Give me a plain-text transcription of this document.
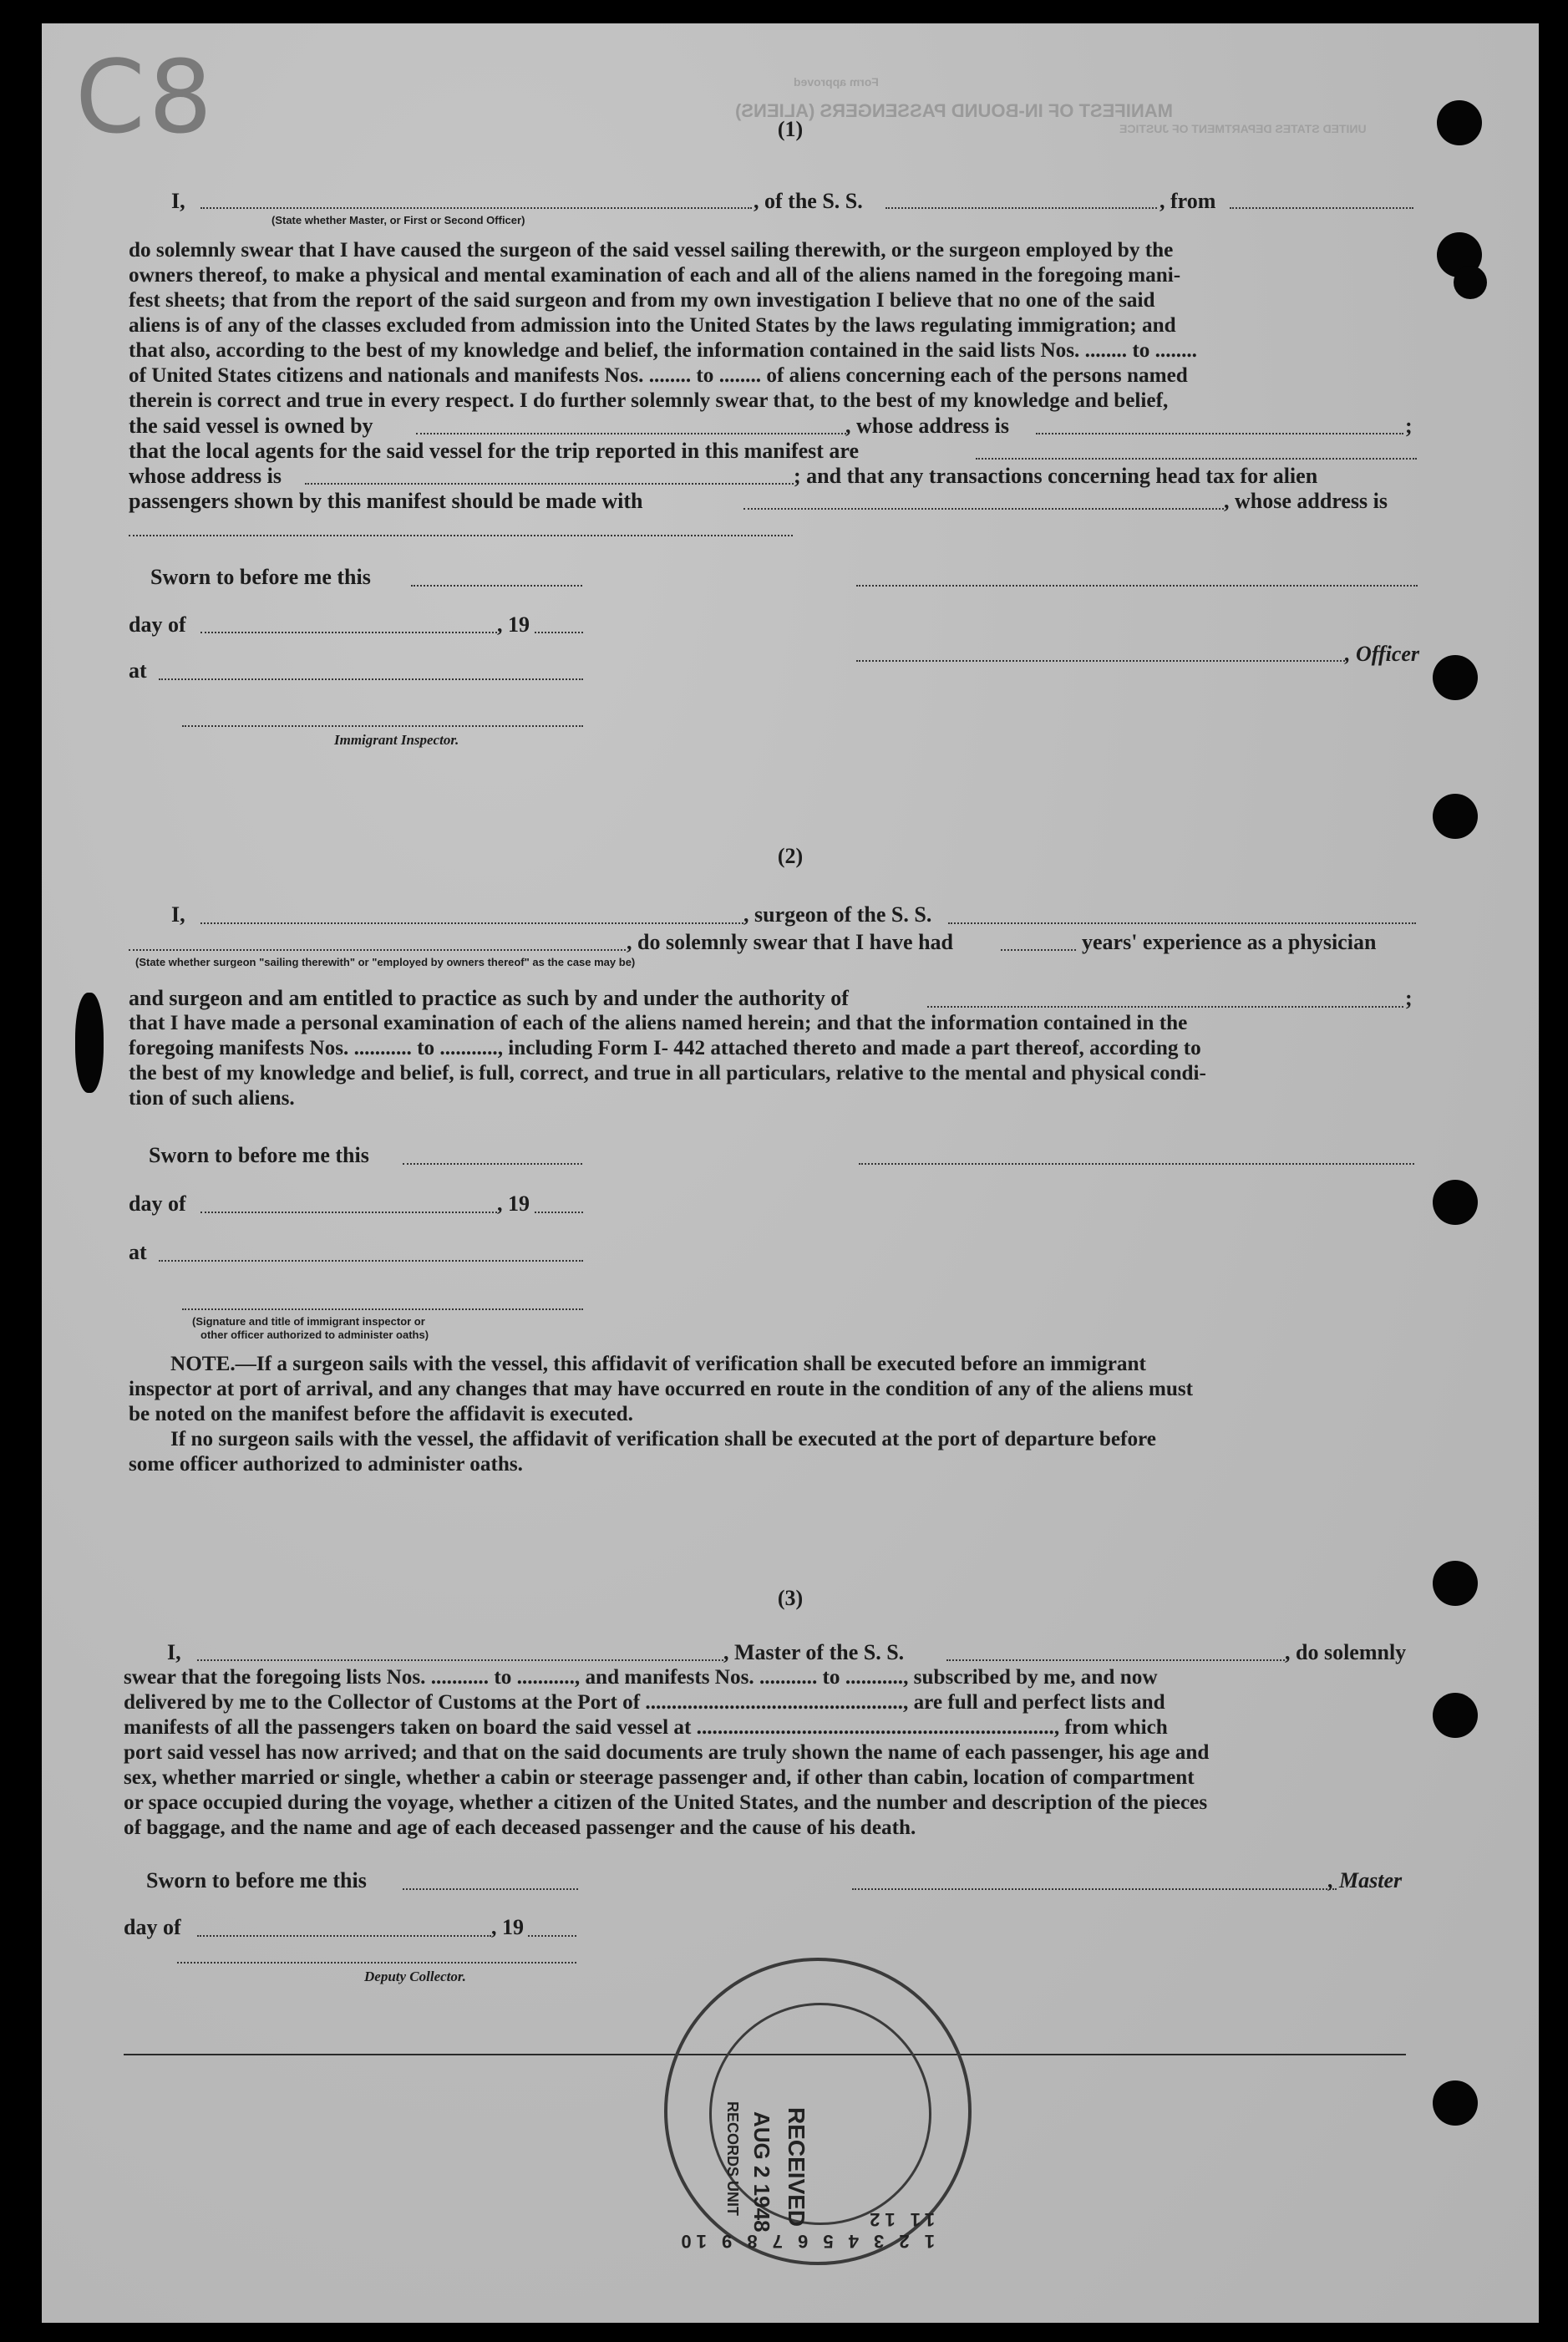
C8	MANIFEST OF IN-BOUND PASSENGERS (ALIENS)
Form approved
UNITED STATES DEPARTMENT OF JUSTICE
(1)
I,
(State whether Master, or First or Second Officer)
, of the S. S.	, from
do solemnly swear that I have caused the surgeon of the said vessel sailing therewith, or the surgeon employed by the
owners thereof, to make a physical and mental examination of each and all of the aliens named in the foregoing mani-
fest sheets; that from the report of the said surgeon and from my own investigation I believe that no one of the said
aliens is of any of the classes excluded from admission into the United States by the laws regulating immigration; and
that also, according to the best of my knowledge and belief, the information contained in the said lists Nos. ........ to ........
of United States citizens and nationals and manifests Nos. ........ to ........ of aliens concerning each of the persons named
therein is correct and true in every respect. I do further solemnly swear that, to the best of my knowledge and belief,
the said vessel is owned by	, whose address is	;
that the local agents for the said vessel for the trip reported in this manifest are
whose address is	; and that any transactions concerning head tax for alien
passengers shown by this manifest should be made with	, whose address is
Sworn to before me this
day of	, 19
, Officer
at
Immigrant Inspector.
(2)
I,	, surgeon of the S. S.
, do solemnly swear that I have had	years' experience as a physician
(State whether surgeon "sailing therewith" or "employed by owners thereof" as the case may be)
and surgeon and am entitled to practice as such by and under the authority of	;
that I have made a personal examination of each of the aliens named herein; and that the information contained in the
foregoing manifests Nos. ........... to ..........., including Form I- 442 attached thereto and made a part thereof, according to
the best of my knowledge and belief, is full, correct, and true in all particulars, relative to the mental and physical condi-
tion of such aliens.
Sworn to before me this
day of	, 19
at
(Signature and title of immigrant inspector or
other officer authorized to administer oaths)
NOTE.—If a surgeon sails with the vessel, this affidavit of verification shall be executed before an immigrant
inspector at port of arrival, and any changes that may have occurred en route in the condition of any of the aliens must
be noted on the manifest before the affidavit is executed.
If no surgeon sails with the vessel, the affidavit of verification shall be executed at the port of departure before
some officer authorized to administer oaths.
(3)
I,	, Master of the S. S.	, do solemnly
swear that the foregoing lists Nos. ........... to ..........., and manifests Nos. ........... to ..........., subscribed by me, and now
delivered by me to the Collector of Customs at the Port of ................................................., are full and perfect lists and
manifests of all the passengers taken on board the said vessel at ...................................................................., from which
port said vessel has now arrived; and that on the said documents are truly shown the name of each passenger, his age and
sex, whether married or single, whether a cabin or steerage passenger and, if other than cabin, location of compartment
or space occupied during the voyage, whether a citizen of the United States, and the number and description of the pieces
of baggage, and the name and age of each deceased passenger and the cause of his death.
Sworn to before me this	, Master
day of	, 19
Deputy Collector.
1 2 3 4 5 6 7 8 9 10 11 12
RECEIVED
AUG 2 1948
RECORDS UNIT
